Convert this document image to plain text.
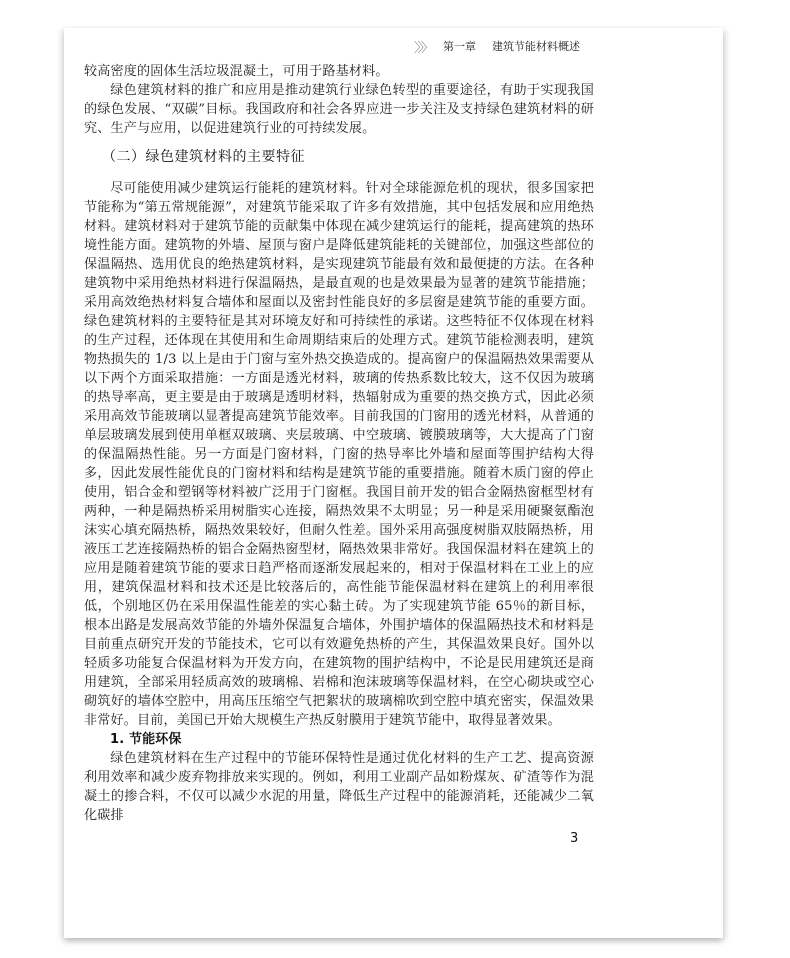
〉〉〉 第一章 建筑节能材料概述

较高密度的固体生活垃圾混凝土，可用于路基材料。

绿色建筑材料的推广和应用是推动建筑行业绿色转型的重要途径，有助于实现我国的绿色发展、“双碳”目标。我国政府和社会各界应进一步关注及支持绿色建筑材料的研究、生产与应用，以促进建筑行业的可持续发展。

（二）绿色建筑材料的主要特征

尽可能使用减少建筑运行能耗的建筑材料。针对全球能源危机的现状，很多国家把节能称为“第五常规能源”，对建筑节能采取了许多有效措施，其中包括发展和应用绝热材料。建筑材料对于建筑节能的贡献集中体现在减少建筑运行的能耗，提高建筑的热环境性能方面。建筑物的外墙、屋顶与窗户是降低建筑能耗的关键部位，加强这些部位的保温隔热、选用优良的绝热建筑材料，是实现建筑节能最有效和最便捷的方法。在各种建筑物中采用绝热材料进行保温隔热，是最直观的也是效果最为显著的建筑节能措施；采用高效绝热材料复合墙体和屋面以及密封性能良好的多层窗是建筑节能的重要方面。绿色建筑材料的主要特征是其对环境友好和可持续性的承诺。这些特征不仅体现在材料的生产过程，还体现在其使用和生命周期结束后的处理方式。建筑节能检测表明，建筑物热损失的 1/3 以上是由于门窗与室外热交换造成的。提高窗户的保温隔热效果需要从以下两个方面采取措施：一方面是透光材料，玻璃的传热系数比较大，这不仅因为玻璃的热导率高，更主要是由于玻璃是透明材料，热辐射成为重要的热交换方式，因此必须采用高效节能玻璃以显著提高建筑节能效率。目前我国的门窗用的透光材料，从普通的单层玻璃发展到使用单框双玻璃、夹层玻璃、中空玻璃、镀膜玻璃等，大大提高了门窗的保温隔热性能。另一方面是门窗材料，门窗的热导率比外墙和屋面等围护结构大得多，因此发展性能优良的门窗材料和结构是建筑节能的重要措施。随着木质门窗的停止使用，铝合金和塑钢等材料被广泛用于门窗框。我国目前开发的铝合金隔热窗框型材有两种，一种是隔热桥采用树脂实心连接，隔热效果不太明显；另一种是采用硬聚氨酯泡沫实心填充隔热桥，隔热效果较好，但耐久性差。国外采用高强度树脂双肢隔热桥，用液压工艺连接隔热桥的铝合金隔热窗型材，隔热效果非常好。我国保温材料在建筑上的应用是随着建筑节能的要求日趋严格而逐渐发展起来的，相对于保温材料在工业上的应用，建筑保温材料和技术还是比较落后的，高性能节能保温材料在建筑上的利用率很低，个别地区仍在采用保温性能差的实心黏土砖。为了实现建筑节能 65％的新目标，根本出路是发展高效节能的外墙外保温复合墙体，外围护墙体的保温隔热技术和材料是目前重点研究开发的节能技术，它可以有效避免热桥的产生，其保温效果良好。国外以轻质多功能复合保温材料为开发方向，在建筑物的围护结构中，不论是民用建筑还是商用建筑，全部采用轻质高效的玻璃棉、岩棉和泡沫玻璃等保温材料，在空心砌块或空心砌筑好的墙体空腔中，用高压压缩空气把絮状的玻璃棉吹到空腔中填充密实，保温效果非常好。目前，美国已开始大规模生产热反射膜用于建筑节能中，取得显著效果。

1. 节能环保

绿色建筑材料在生产过程中的节能环保特性是通过优化材料的生产工艺、提高资源利用效率和减少废弃物排放来实现的。例如，利用工业副产品如粉煤灰、矿渣等作为混凝土的掺合料，不仅可以减少水泥的用量，降低生产过程中的能源消耗，还能减少二氧化碳排

3
